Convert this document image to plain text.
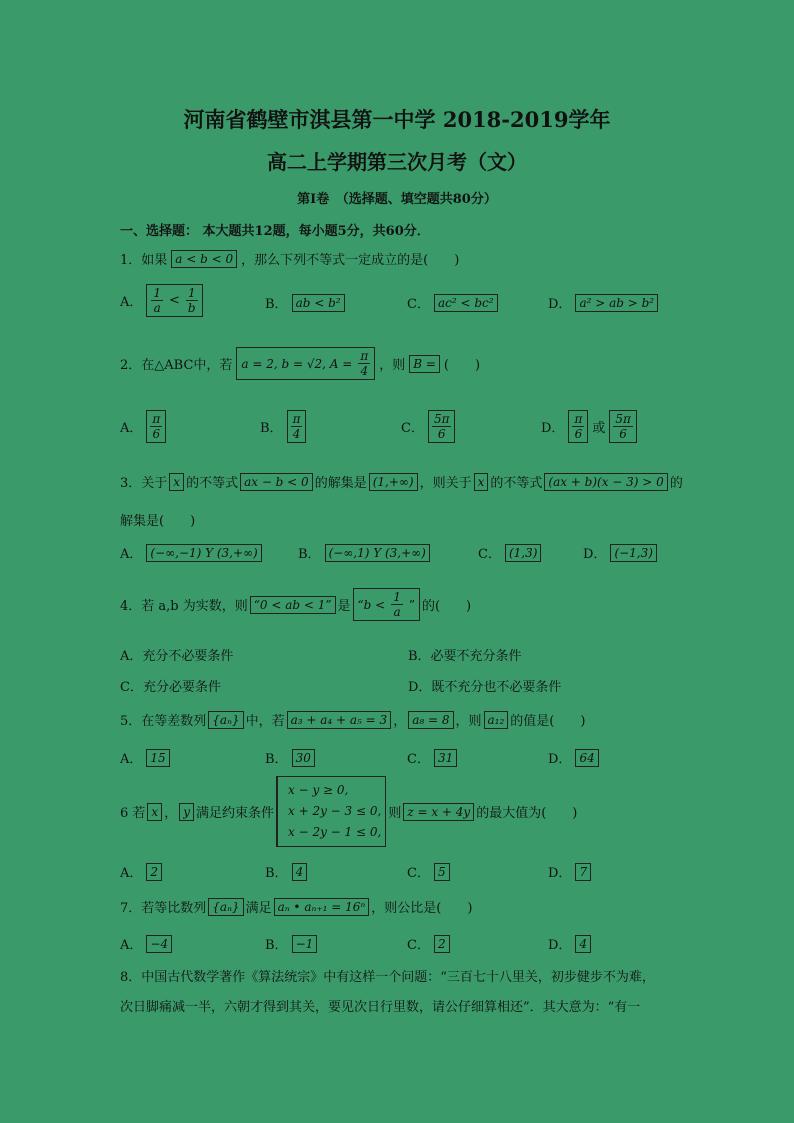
河南省鹤壁市淇县第一中学 2018-2019学年
高二上学期第三次月考（文）
第Ⅰ卷　（选择题、填空题共80分）
一、选择题： 本大题共12题，每小题5分，共60分．
1．如果 a < b < 0 ，那么下列不等式一定成立的是(　　)
A． $\frac{1}{a} < \frac{1}{b}$	B． ab < b²	C． ac² < bc²	D． a² > ab > b²
2．在△ABC中，若 a = 2, b = √2, $A = \frac{\pi}{4}$ ，则 B = (　　)
A． $\frac{\pi}{6}$	B． $\frac{\pi}{4}$	C． $\frac{5\pi}{6}$	D． $\frac{\pi}{6}$ 或 $\frac{5\pi}{6}$
3．关于 x 的不等式 ax − b < 0 的解集是 (1,+∞) ，则关于 x 的不等式 (ax + b)(x − 3) > 0 的
解集是(　　)
A． (−∞,−1) Y (3,+∞)	B． (−∞,1) Y (3,+∞)	C． (1,3)	D． (−1,3)
4．若 a,b 为实数，则 “0 < ab < 1” 是 “$b < \frac{1}{a}$ ” 的(　　)
A．充分不必要条件	B．必要不充分条件
C．充分必要条件	D．既不充分也不必要条件
5．在等差数列 {aₙ} 中，若 a₃ + a₄ + a₅ = 3 ， a₈ = 8 ，则 a₁₂ 的值是(　　)
A． 15	B． 30	C． 31	D． 64
6 若 x ， y 满足约束条件
x − y ≥ 0,
x + 2y − 3 ≤ 0,
x − 2y − 1 ≤ 0,
则 z = x + 4y 的最大值为(　　)
A． 2	B． 4	C． 5	D． 7
7．若等比数列 {aₙ} 满足 aₙ • aₙ₊₁ = 16ⁿ ，则公比是(　　)
A． −4	B． −1	C． 2	D． 4
8．中国古代数学著作《算法统宗》中有这样一个问题：“三百七十八里关，初步健步不为难，
次日脚痛减一半，六朝才得到其关，要见次日行里数，请公仔细算相还”．其大意为：“有一
